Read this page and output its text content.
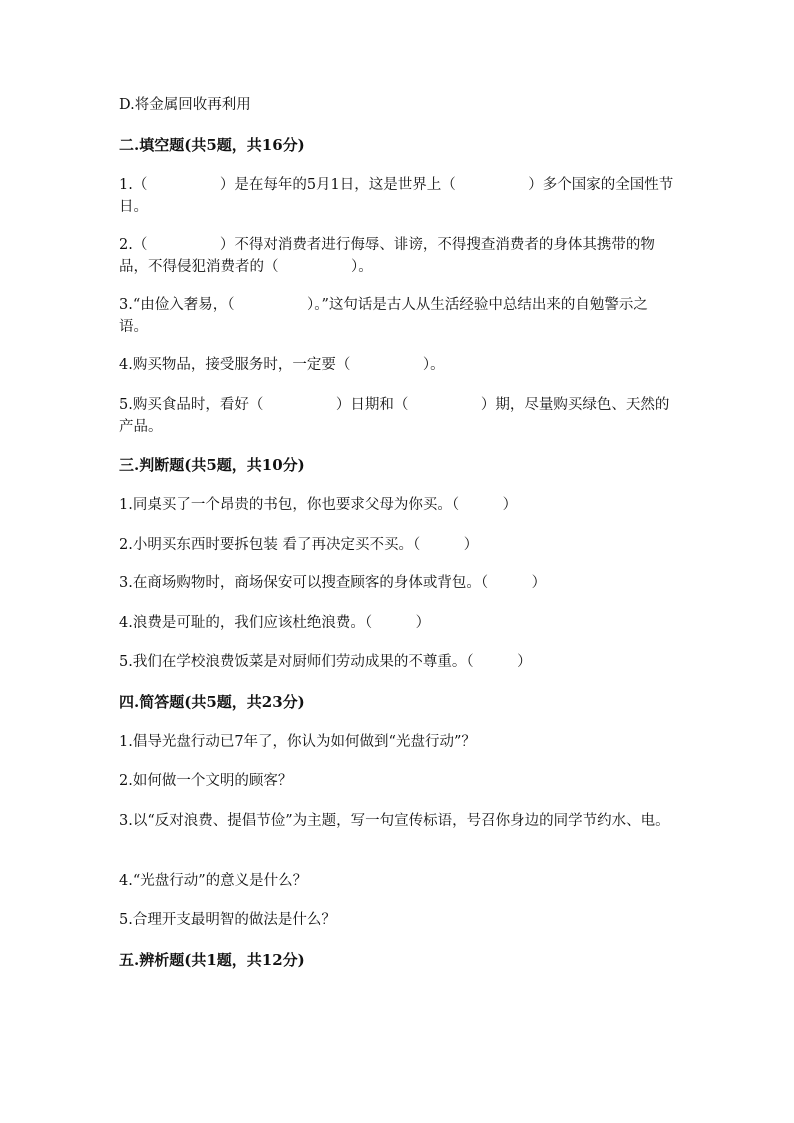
D.将金属回收再利用

二.填空题(共5题，共16分)

1.（　　　　　）是在每年的5月1日，这是世界上（　　　　　）多个国家的全国性节日。

2.（　　　　　）不得对消费者进行侮辱、诽谤，不得搜查消费者的身体其携带的物品，不得侵犯消费者的（　　　　　）。

3.“由俭入奢易，（　　　　　）。”这句话是古人从生活经验中总结出来的自勉警示之语。

4.购买物品，接受服务时，一定要（　　　　　）。

5.购买食品时，看好（　　　　　）日期和（　　　　　）期，尽量购买绿色、天然的产品。

三.判断题(共5题，共10分)

1.同桌买了一个昂贵的书包，你也要求父母为你买。（　　　）

2.小明买东西时要拆包装 看了再决定买不买。（　　　）

3.在商场购物时，商场保安可以搜查顾客的身体或背包。（　　　）

4.浪费是可耻的，我们应该杜绝浪费。（　　　）

5.我们在学校浪费饭菜是对厨师们劳动成果的不尊重。（　　　）

四.简答题(共5题，共23分)

1.倡导光盘行动已7年了，你认为如何做到“光盘行动”？

2.如何做一个文明的顾客？

3.以“反对浪费、提倡节俭”为主题，写一句宣传标语，号召你身边的同学节约水、电。

4.“光盘行动”的意义是什么？

5.合理开支最明智的做法是什么？

五.辨析题(共1题，共12分)
